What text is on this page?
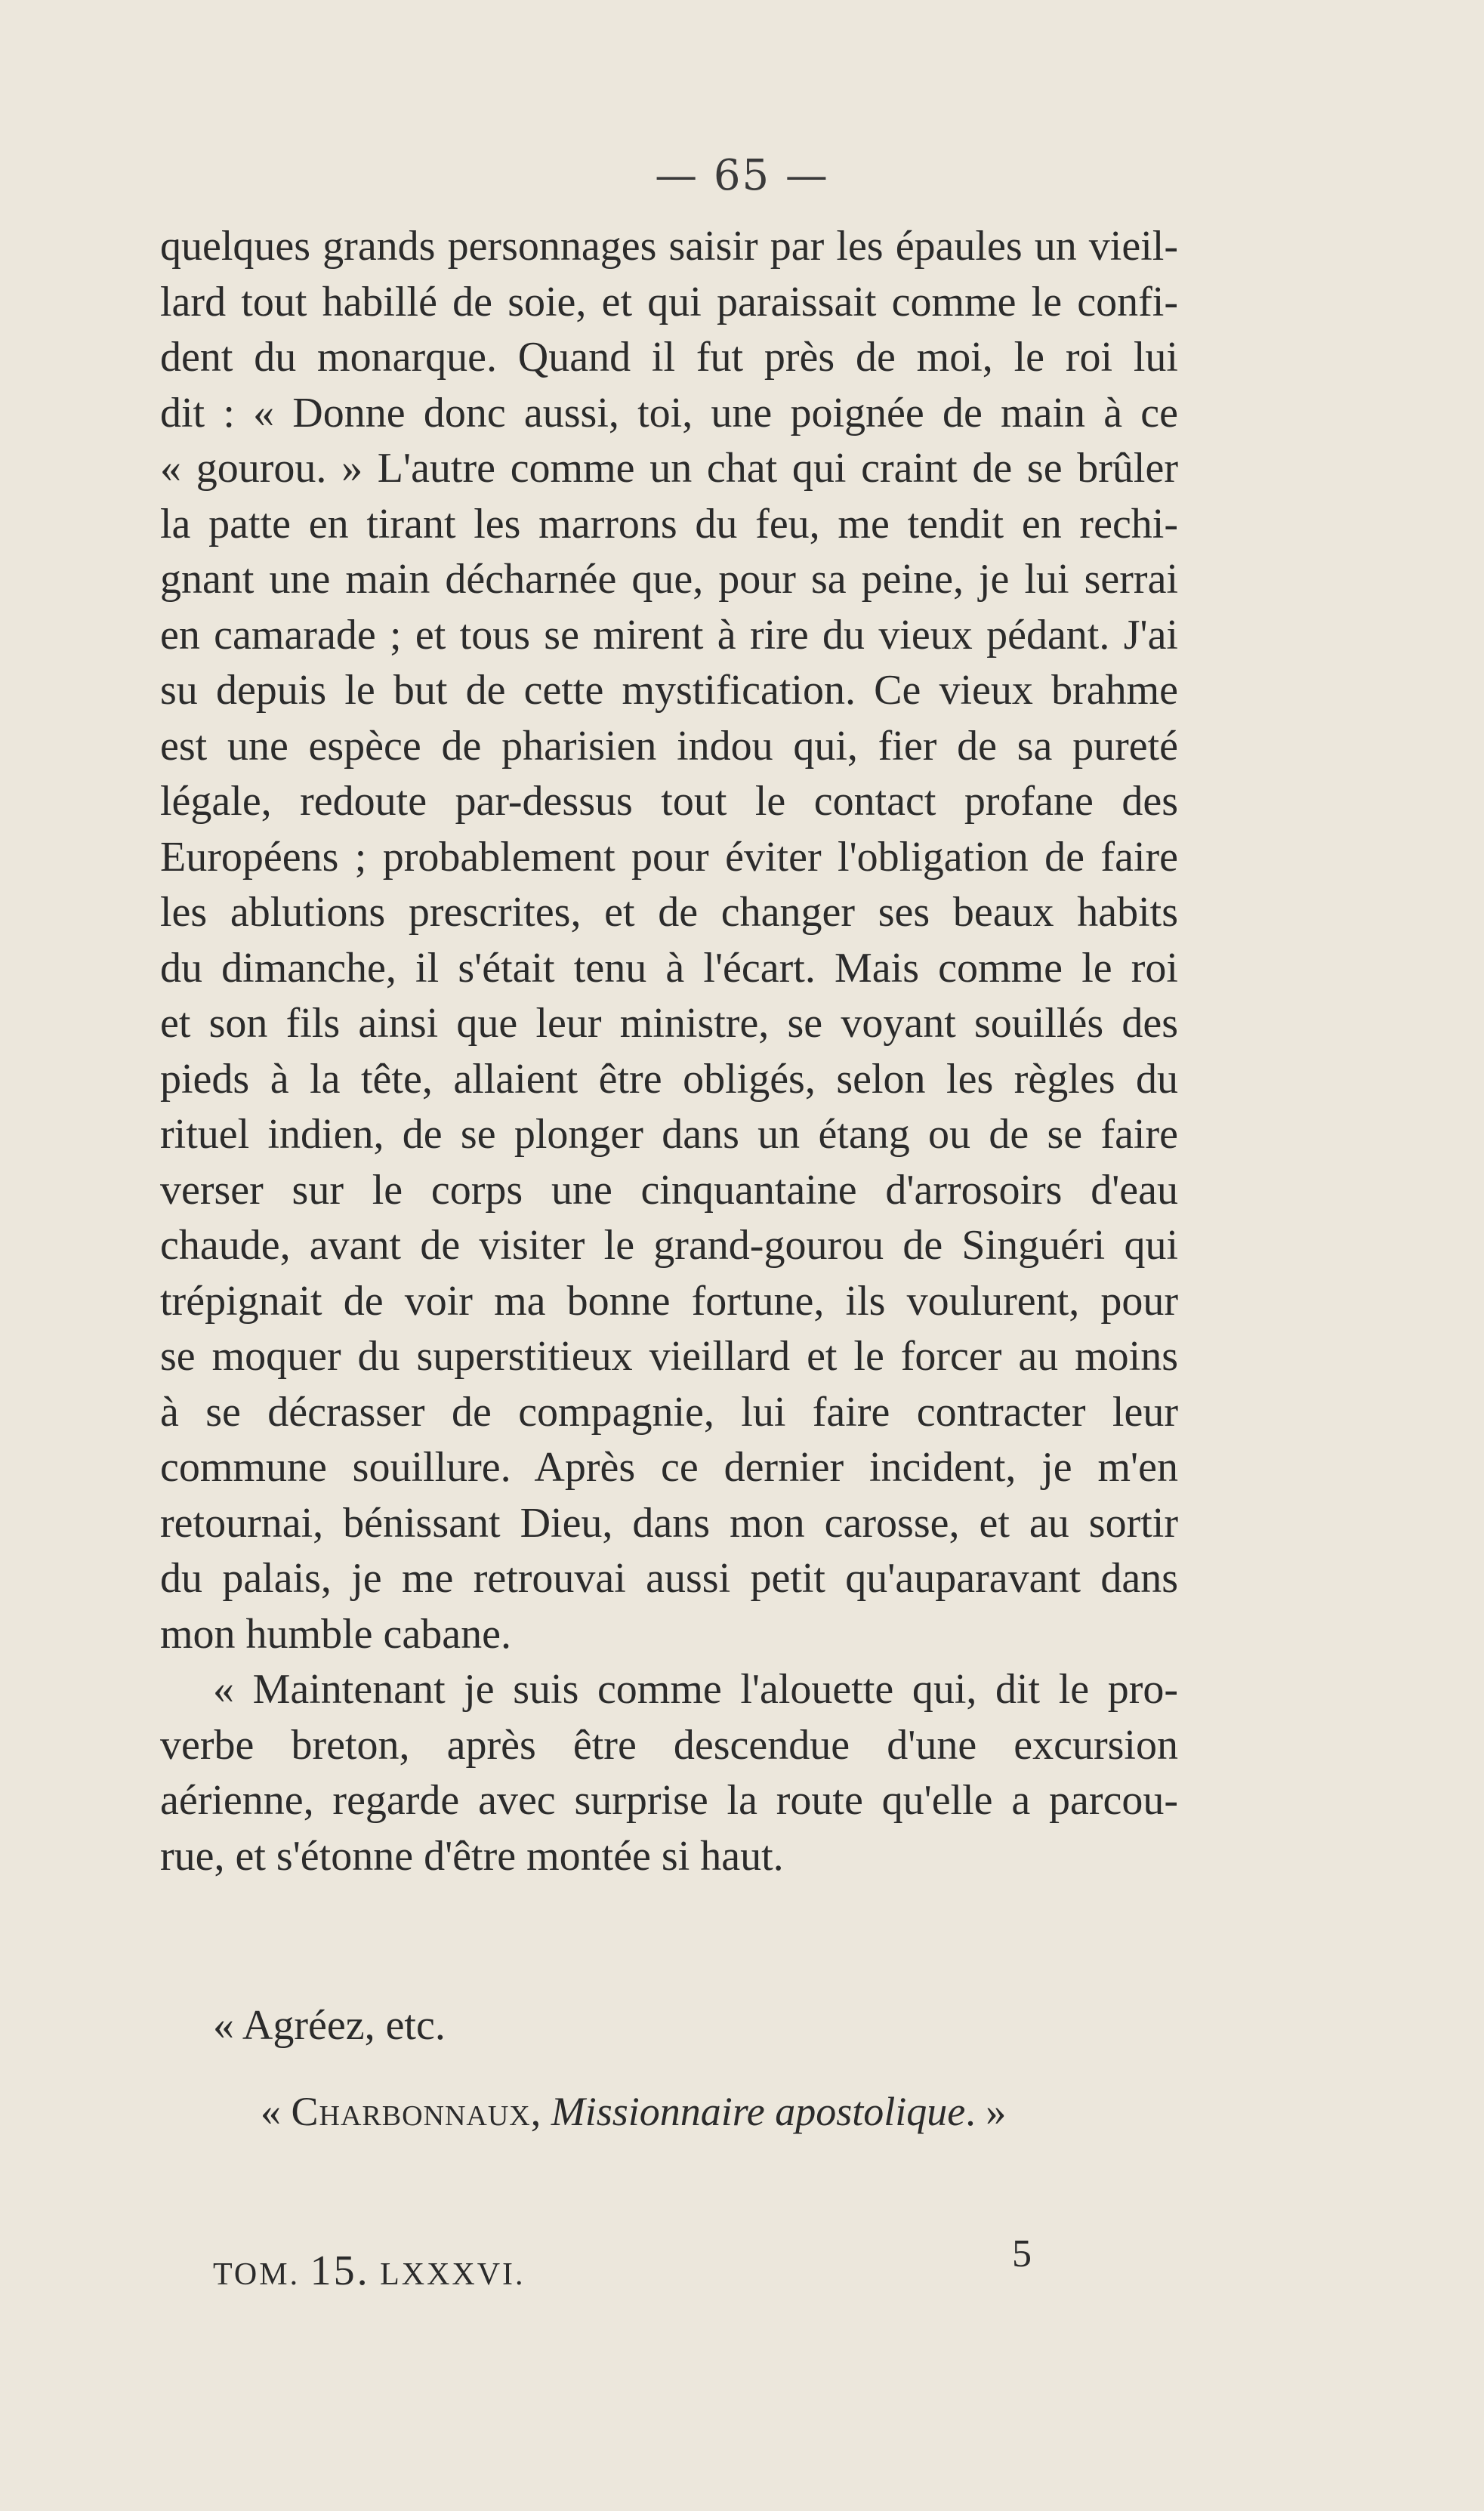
— 65 —
quelques grands personnages saisir par les épaules un vieil-
lard tout habillé de soie, et qui paraissait comme le confi-
dent du monarque. Quand il fut près de moi, le roi lui
dit : « Donne donc aussi, toi, une poignée de main à ce
« gourou. » L'autre comme un chat qui craint de se brûler
la patte en tirant les marrons du feu, me tendit en rechi-
gnant une main décharnée que, pour sa peine, je lui serrai
en camarade ; et tous se mirent à rire du vieux pédant. J'ai
su depuis le but de cette mystification. Ce vieux brahme
est une espèce de pharisien indou qui, fier de sa pureté
légale, redoute par-dessus tout le contact profane des
Européens ; probablement pour éviter l'obligation de faire
les ablutions prescrites, et de changer ses beaux habits
du dimanche, il s'était tenu à l'écart. Mais comme le roi
et son fils ainsi que leur ministre, se voyant souillés des
pieds à la tête, allaient être obligés, selon les règles du
rituel indien, de se plonger dans un étang ou de se faire
verser sur le corps une cinquantaine d'arrosoirs d'eau
chaude, avant de visiter le grand-gourou de Singuéri qui
trépignait de voir ma bonne fortune, ils voulurent, pour
se moquer du superstitieux vieillard et le forcer au moins
à se décrasser de compagnie, lui faire contracter leur
commune souillure. Après ce dernier incident, je m'en
retournai, bénissant Dieu, dans mon carosse, et au sortir
du palais, je me retrouvai aussi petit qu'auparavant dans
mon humble cabane.
« Maintenant je suis comme l'alouette qui, dit le pro-
verbe breton, après être descendue d'une excursion
aérienne, regarde avec surprise la route qu'elle a parcou-
rue, et s'étonne d'être montée si haut.
« Agréez, etc.
« Charbonnaux, Missionnaire apostolique. »
TOM. 15. LXXXVI.	5
